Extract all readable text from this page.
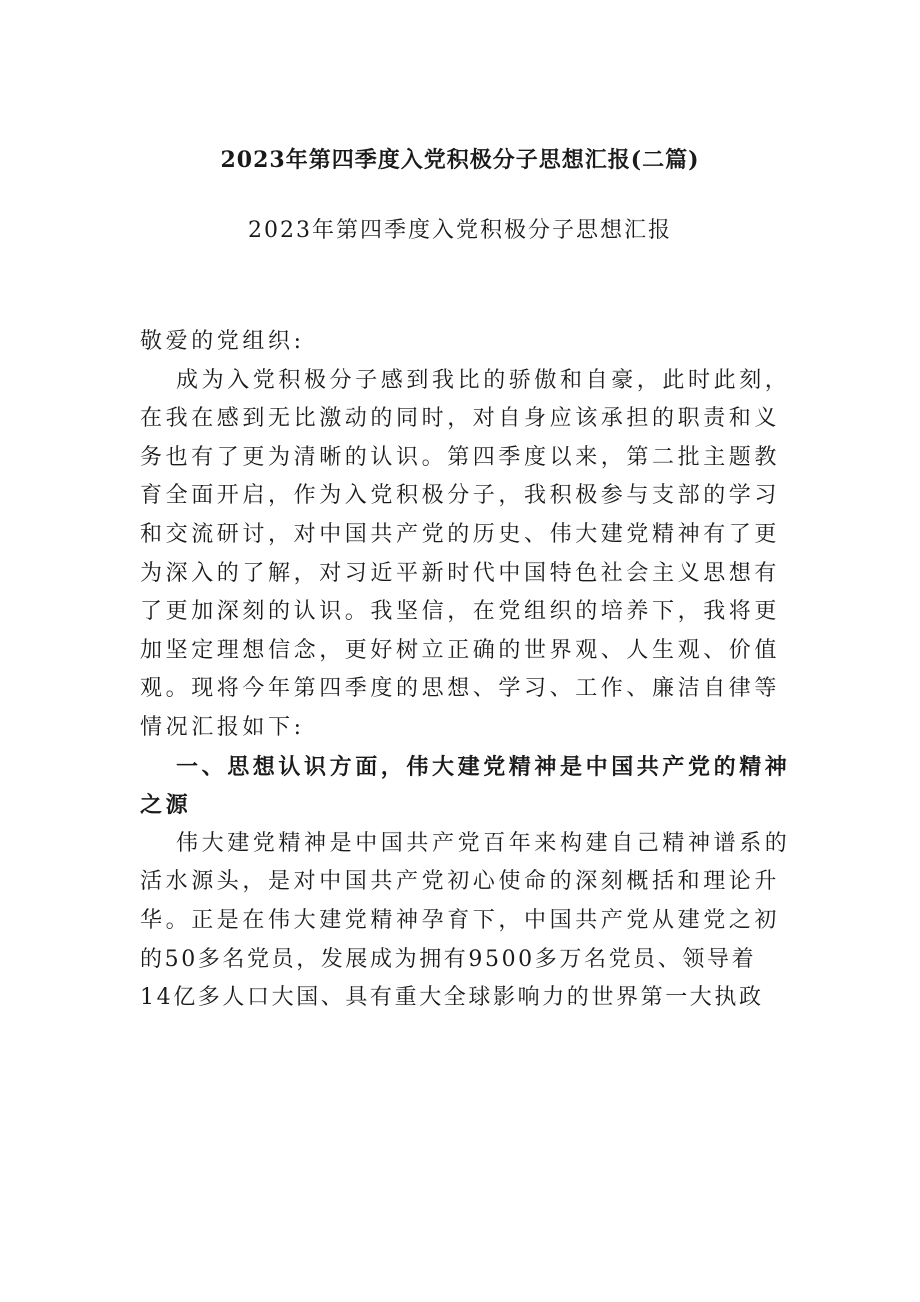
2023年第四季度入党积极分子思想汇报(二篇)
2023年第四季度入党积极分子思想汇报
敬爱的党组织:
成为入党积极分子感到我比的骄傲和自豪，此时此刻，
在我在感到无比激动的同时，对自身应该承担的职责和义
务也有了更为清晰的认识。第四季度以来，第二批主题教
育全面开启，作为入党积极分子，我积极参与支部的学习
和交流研讨，对中国共产党的历史、伟大建党精神有了更
为深入的了解，对习近平新时代中国特色社会主义思想有
了更加深刻的认识。我坚信，在党组织的培养下，我将更
加坚定理想信念，更好树立正确的世界观、人生观、价值
观。现将今年第四季度的思想、学习、工作、廉洁自律等
情况汇报如下:
一、思想认识方面，伟大建党精神是中国共产党的精神
之源
伟大建党精神是中国共产党百年来构建自己精神谱系的
活水源头，是对中国共产党初心使命的深刻概括和理论升
华。正是在伟大建党精神孕育下，中国共产党从建党之初
的50多名党员，发展成为拥有9500多万名党员、领导着
14亿多人口大国、具有重大全球影响力的世界第一大执政
